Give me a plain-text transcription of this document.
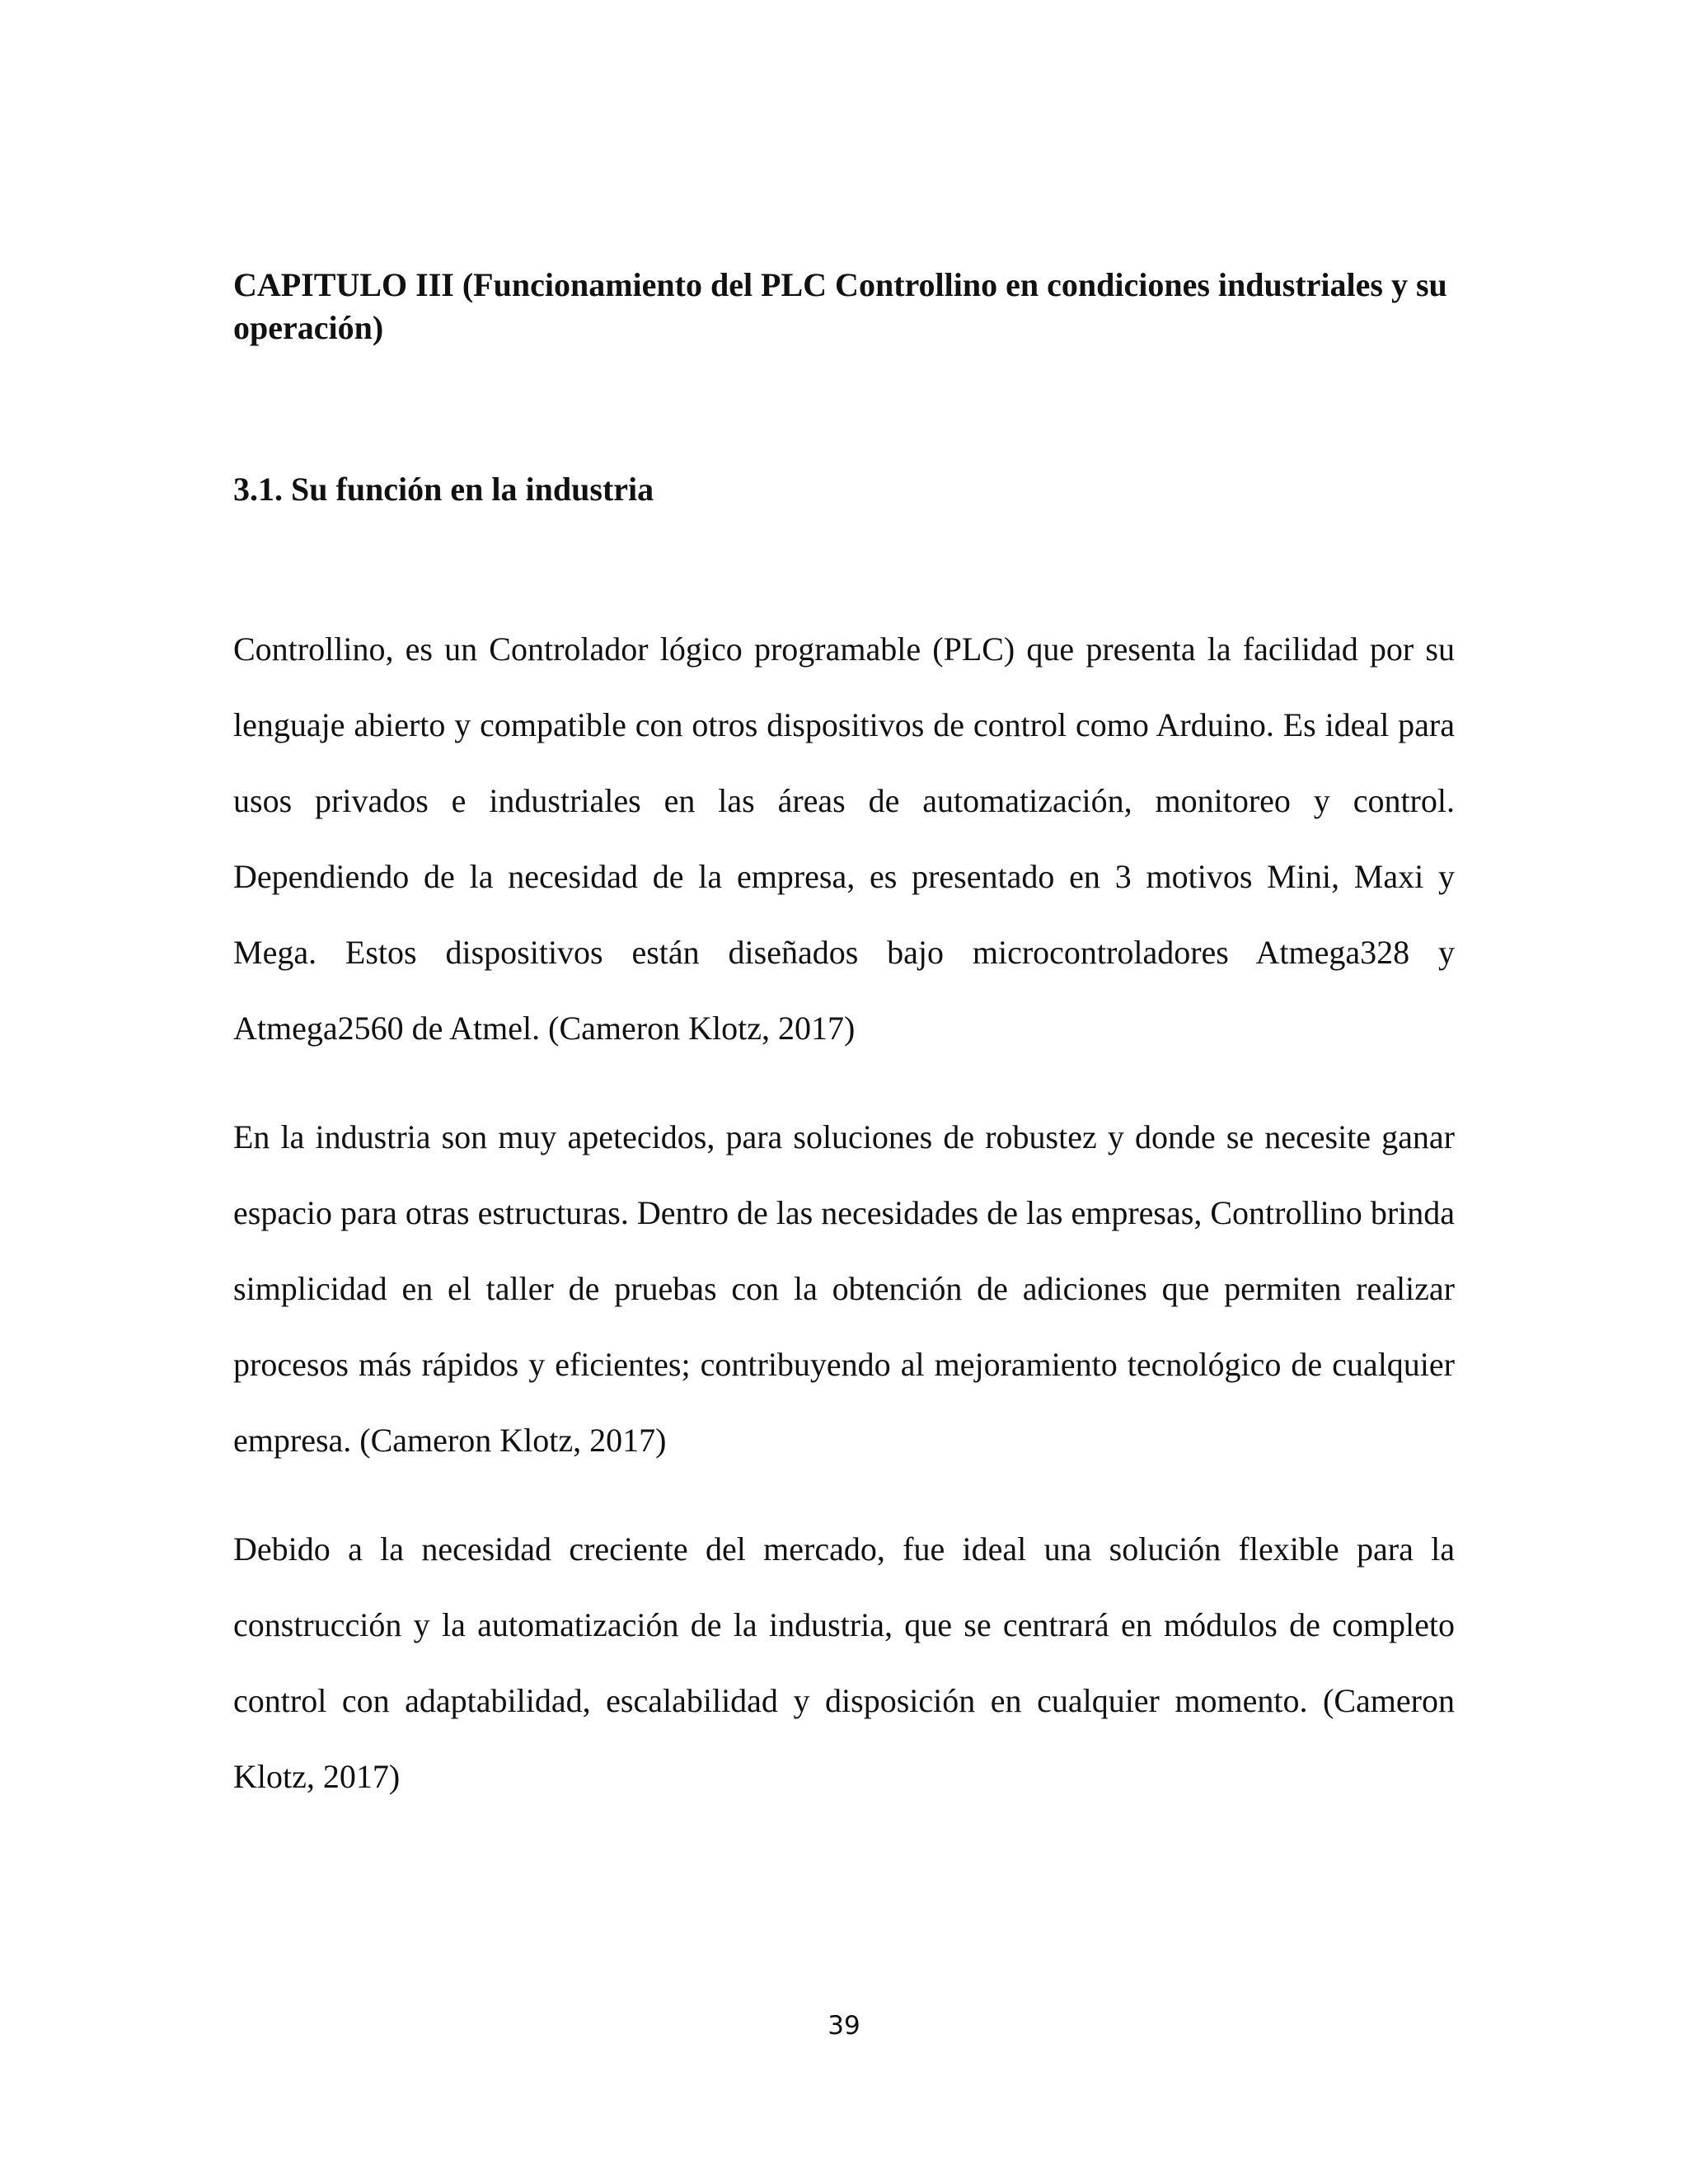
CAPITULO III (Funcionamiento del PLC Controllino en condiciones industriales y su operación)
3.1. Su función en la industria

Controllino, es un Controlador lógico programable (PLC) que presenta la facilidad por su lenguaje abierto y compatible con otros dispositivos de control como Arduino. Es ideal para usos privados e industriales en las áreas de automatización, monitoreo y control. Dependiendo de la necesidad de la empresa, es presentado en 3 motivos Mini, Maxi y Mega. Estos dispositivos están diseñados bajo microcontroladores Atmega328 y Atmega2560 de Atmel. (Cameron Klotz, 2017)

En la industria son muy apetecidos, para soluciones de robustez y donde se necesite ganar espacio para otras estructuras. Dentro de las necesidades de las empresas, Controllino brinda simplicidad en el taller de pruebas con la obtención de adiciones que permiten realizar procesos más rápidos y eficientes; contribuyendo al mejoramiento tecnológico de cualquier empresa. (Cameron Klotz, 2017)

Debido a la necesidad creciente del mercado, fue ideal una solución flexible para la construcción y la automatización de la industria, que se centrará en módulos de completo control con adaptabilidad, escalabilidad y disposición en cualquier momento. (Cameron Klotz, 2017)

39
